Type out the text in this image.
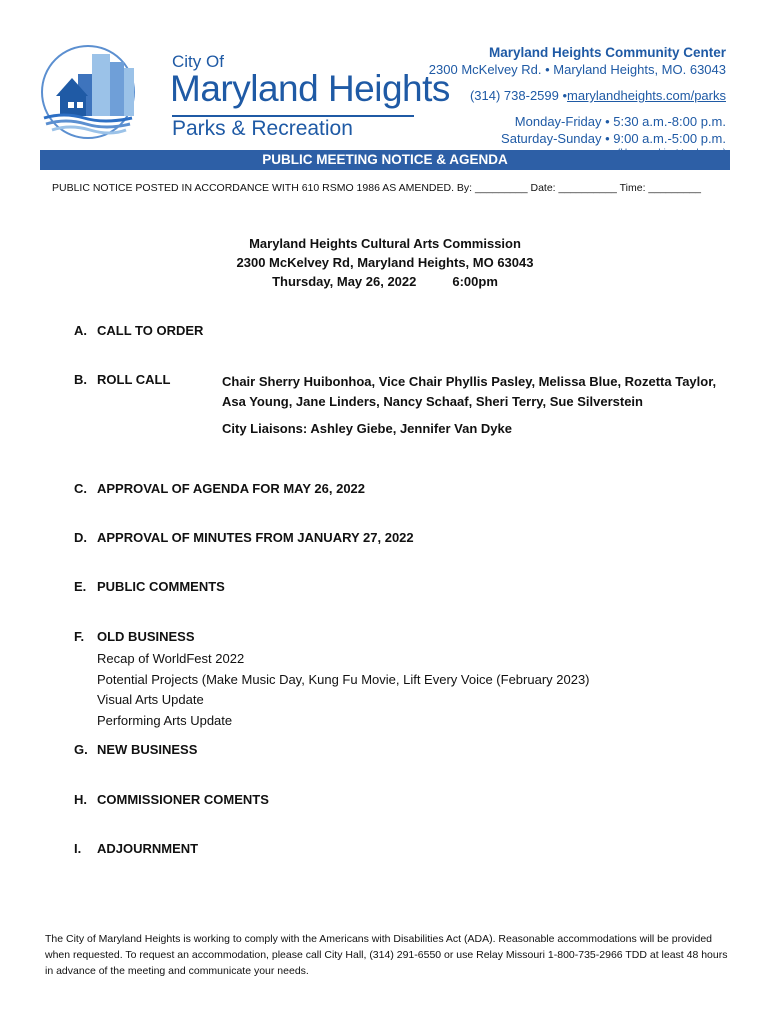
City Of
Maryland Heights
Parks & Recreation
Maryland Heights Community Center
2300 McKelvey Rd. • Maryland Heights, MO. 63043
(314) 738-2599 •marylandheights.com/parks
Monday-Friday • 5:30 a.m.-8:00 p.m.
Saturday-Sunday • 9:00 a.m.-5:00 p.m.
PUBLIC MEETING NOTICE & AGENDA
PUBLIC NOTICE POSTED IN ACCORDANCE WITH 610 RSMO 1986 AS AMENDED. By: _________ Date: __________ Time: _________
Maryland Heights Cultural Arts Commission
2300 McKelvey Rd, Maryland Heights, MO 63043
Thursday, May 26, 2022	6:00pm
A. CALL TO ORDER
B. ROLL CALL	Chair Sherry Huibonhoa, Vice Chair Phyllis Pasley, Melissa Blue, Rozetta Taylor, Asa Young, Jane Linders, Nancy Schaaf, Sheri Terry, Sue Silverstein
City Liaisons: Ashley Giebe, Jennifer Van Dyke
C. APPROVAL OF AGENDA FOR MAY 26, 2022
D. APPROVAL OF MINUTES FROM JANUARY 27, 2022
E. PUBLIC COMMENTS
F. OLD BUSINESS
Recap of WorldFest 2022
Potential Projects (Make Music Day, Kung Fu Movie, Lift Every Voice (February 2023)
Visual Arts Update
Performing Arts Update
G. NEW BUSINESS
H. COMMISSIONER COMENTS
I. ADJOURNMENT
The City of Maryland Heights is working to comply with the Americans with Disabilities Act (ADA). Reasonable accommodations will be provided when requested. To request an accommodation, please call City Hall, (314) 291-6550 or use Relay Missouri 1-800-735-2966 TDD at least 48 hours in advance of the meeting and communicate your needs.
